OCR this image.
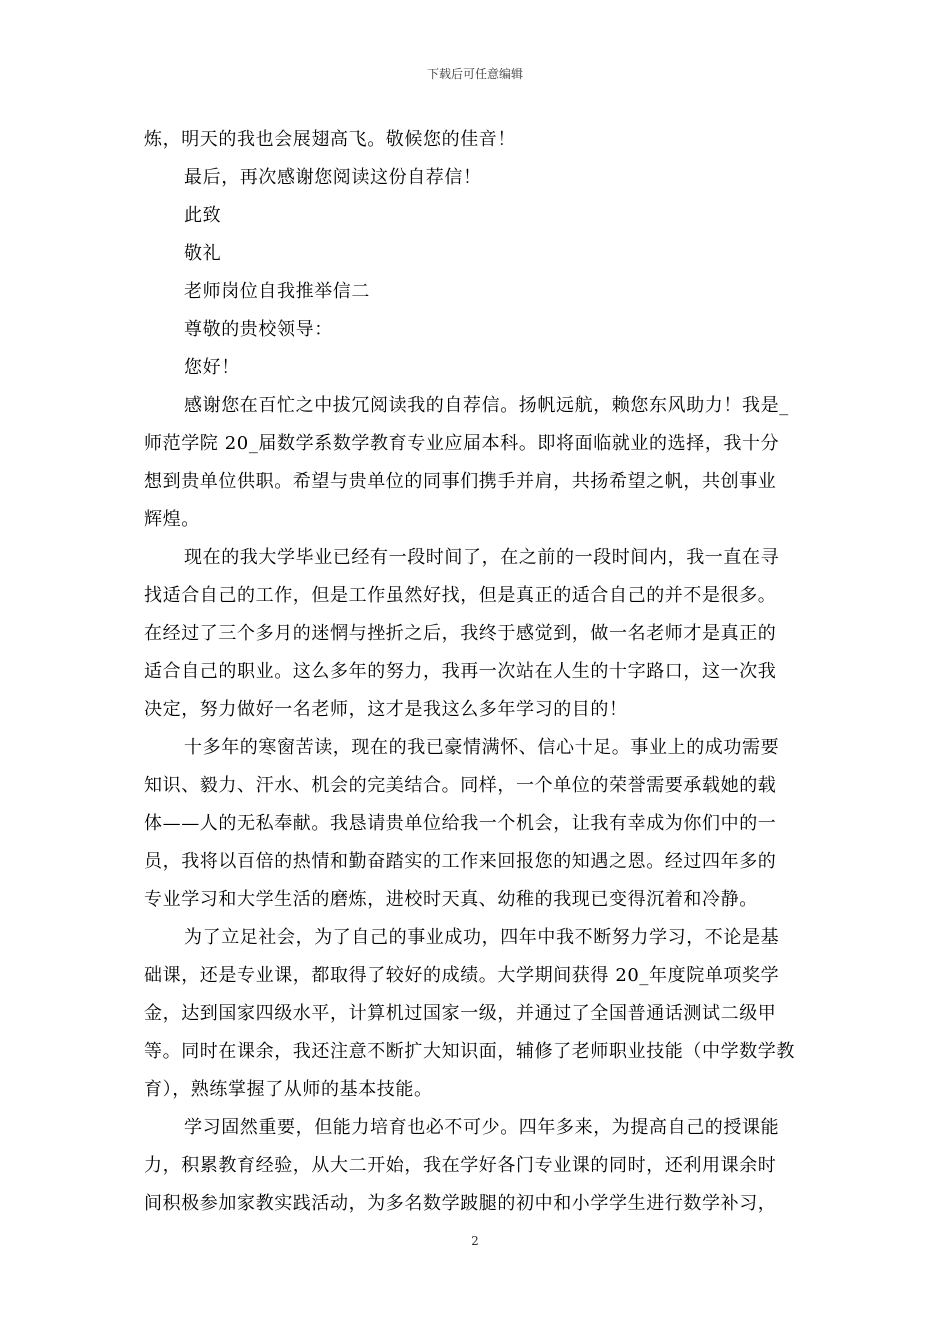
下载后可任意编辑
炼，明天的我也会展翅高飞。敬候您的佳音！
最后，再次感谢您阅读这份自荐信！
此致
敬礼
老师岗位自我推举信二
尊敬的贵校领导：
您好！
感谢您在百忙之中拔冗阅读我的自荐信。扬帆远航，赖您东风助力！我是_
师范学院 20_届数学系数学教育专业应届本科。即将面临就业的选择，我十分
想到贵单位供职。希望与贵单位的同事们携手并肩，共扬希望之帆，共创事业
辉煌。
现在的我大学毕业已经有一段时间了，在之前的一段时间内，我一直在寻
找适合自己的工作，但是工作虽然好找，但是真正的适合自己的并不是很多。
在经过了三个多月的迷惘与挫折之后，我终于感觉到，做一名老师才是真正的
适合自己的职业。这么多年的努力，我再一次站在人生的十字路口，这一次我
决定，努力做好一名老师，这才是我这么多年学习的目的！
十多年的寒窗苦读，现在的我已豪情满怀、信心十足。事业上的成功需要
知识、毅力、汗水、机会的完美结合。同样，一个单位的荣誉需要承载她的载
体——人的无私奉献。我恳请贵单位给我一个机会，让我有幸成为你们中的一
员，我将以百倍的热情和勤奋踏实的工作来回报您的知遇之恩。经过四年多的
专业学习和大学生活的磨炼，进校时天真、幼稚的我现已变得沉着和冷静。
为了立足社会，为了自己的事业成功，四年中我不断努力学习，不论是基
础课，还是专业课，都取得了较好的成绩。大学期间获得 20_年度院单项奖学
金，达到国家四级水平，计算机过国家一级，并通过了全国普通话测试二级甲
等。同时在课余，我还注意不断扩大知识面，辅修了老师职业技能（中学数学教
育），熟练掌握了从师的基本技能。
学习固然重要，但能力培育也必不可少。四年多来，为提高自己的授课能
力，积累教育经验，从大二开始，我在学好各门专业课的同时，还利用课余时
间积极参加家教实践活动，为多名数学跛腿的初中和小学学生进行数学补习，
2
